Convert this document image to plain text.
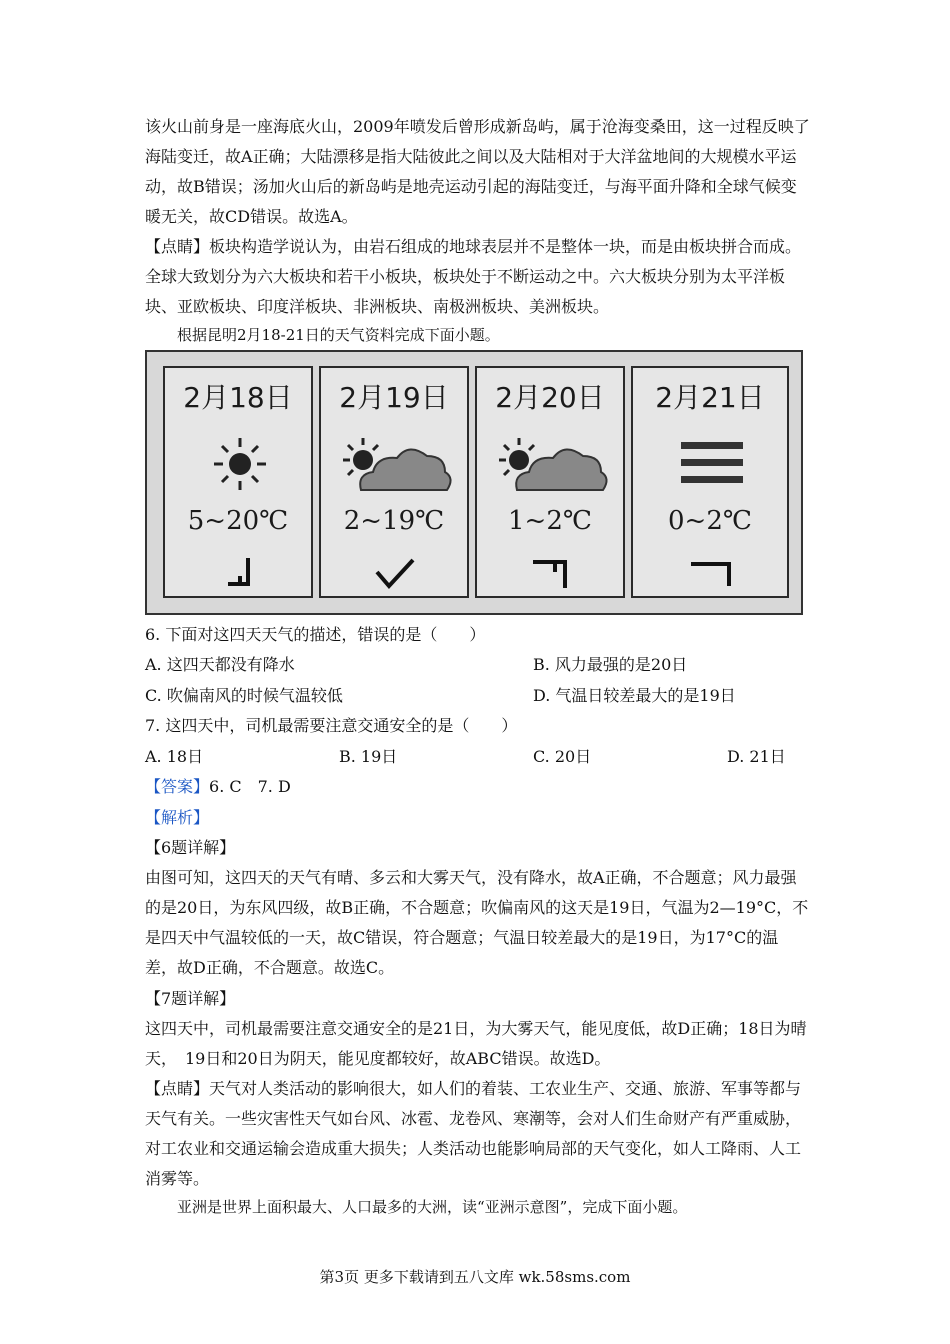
该火山前身是一座海底火山，2009年喷发后曾形成新岛屿，属于沧海变桑田，这一过程反映了海陆变迁，故A正确；大陆漂移是指大陆彼此之间以及大陆相对于大洋盆地间的大规模水平运动，故B错误；汤加火山后的新岛屿是地壳运动引起的海陆变迁，与海平面升降和全球气候变暖无关，故CD错误。故选A。

【点睛】板块构造学说认为，由岩石组成的地球表层并不是整体一块，而是由板块拼合而成。全球大致划分为六大板块和若干小板块，板块处于不断运动之中。六大板块分别为太平洋板块、亚欧板块、印度洋板块、非洲板块、南极洲板块、美洲板块。

根据昆明2月18-21日的天气资料完成下面小题。

2月18日
5~20℃
2月19日
2~19℃
2月20日
1~2℃
2月21日
0~2℃

6. 下面对这四天天气的描述，错误的是（　　）

A. 这四天都没有降水	B. 风力最强的是20日
C. 吹偏南风的时候气温较低	D. 气温日较差最大的是19日

7. 这四天中，司机最需要注意交通安全的是（　　）

A. 18日	B. 19日	C. 20日	D. 21日

【答案】6. C　7. D

【解析】

【6题详解】

由图可知，这四天的天气有晴、多云和大雾天气，没有降水，故A正确，不合题意；风力最强的是20日，为东风四级，故B正确，不合题意；吹偏南风的这天是19日，气温为2—19°C，不是四天中气温较低的一天，故C错误，符合题意；气温日较差最大的是19日，为17°C的温差，故D正确，不合题意。故选C。

【7题详解】

这四天中，司机最需要注意交通安全的是21日，为大雾天气，能见度低，故D正确；18日为晴天，　19日和20日为阴天，能见度都较好，故ABC错误。故选D。

【点睛】天气对人类活动的影响很大，如人们的着装、工农业生产、交通、旅游、军事等都与天气有关。一些灾害性天气如台风、冰雹、龙卷风、寒潮等，会对人们生命财产有严重威胁，对工农业和交通运输会造成重大损失；人类活动也能影响局部的天气变化，如人工降雨、人工消雾等。

亚洲是世界上面积最大、人口最多的大洲，读“亚洲示意图”，完成下面小题。

第3页 更多下载请到五八文库 wk.58sms.com
